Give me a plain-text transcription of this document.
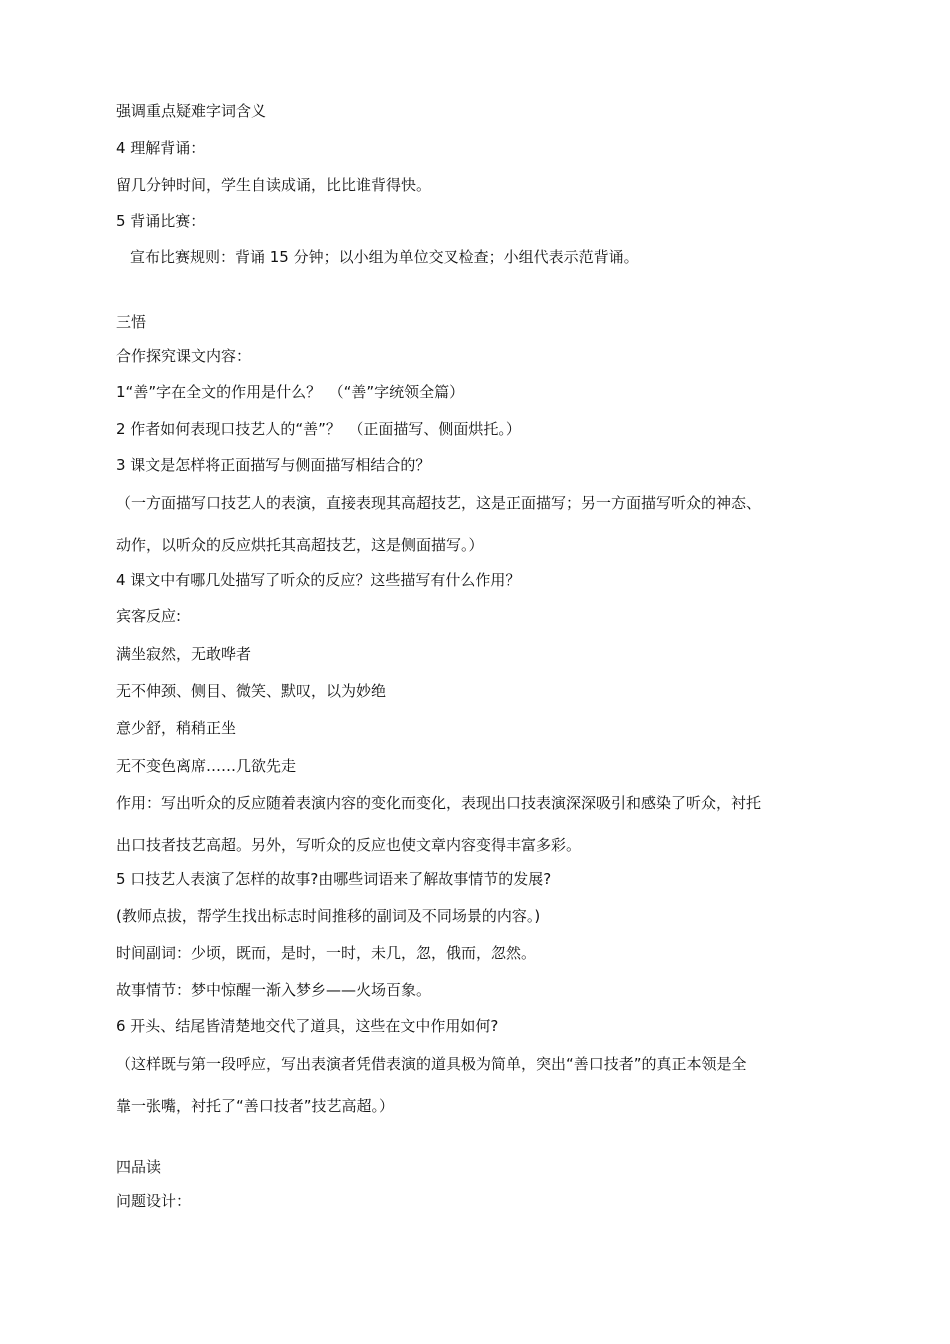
强调重点疑难字词含义
4 理解背诵：
留几分钟时间，学生自读成诵，比比谁背得快。
5 背诵比赛：
宣布比赛规则：背诵 15 分钟；以小组为单位交叉检查；小组代表示范背诵。
三悟
合作探究课文内容：
1“善”字在全文的作用是什么？　（“善”字统领全篇）
2 作者如何表现口技艺人的“善”？　（正面描写、侧面烘托。）
3 课文是怎样将正面描写与侧面描写相结合的？
（一方面描写口技艺人的表演，直接表现其高超技艺，这是正面描写；另一方面描写听众的神态、
动作，以听众的反应烘托其高超技艺，这是侧面描写。）
4 课文中有哪几处描写了听众的反应？这些描写有什么作用？
宾客反应:
满坐寂然，无敢哗者
无不伸颈、侧目、微笑、默叹，以为妙绝
意少舒，稍稍正坐
无不变色离席……几欲先走
作用：写出听众的反应随着表演内容的变化而变化，表现出口技表演深深吸引和感染了听众，衬托
出口技者技艺高超。另外，写听众的反应也使文章内容变得丰富多彩。
5 口技艺人表演了怎样的故事?由哪些词语来了解故事情节的发展?
(教师点拔，帮学生找出标志时间推移的副词及不同场景的内容。)
时间副词：少顷，既而，是时，一时，未几，忽，俄而，忽然。
故事情节：梦中惊醒一渐入梦乡——火场百象。
6 开头、结尾皆清楚地交代了道具，这些在文中作用如何?
（这样既与第一段呼应，写出表演者凭借表演的道具极为简单，突出“善口技者”的真正本领是全
靠一张嘴，衬托了“善口技者”技艺高超。）
四品读
问题设计：
